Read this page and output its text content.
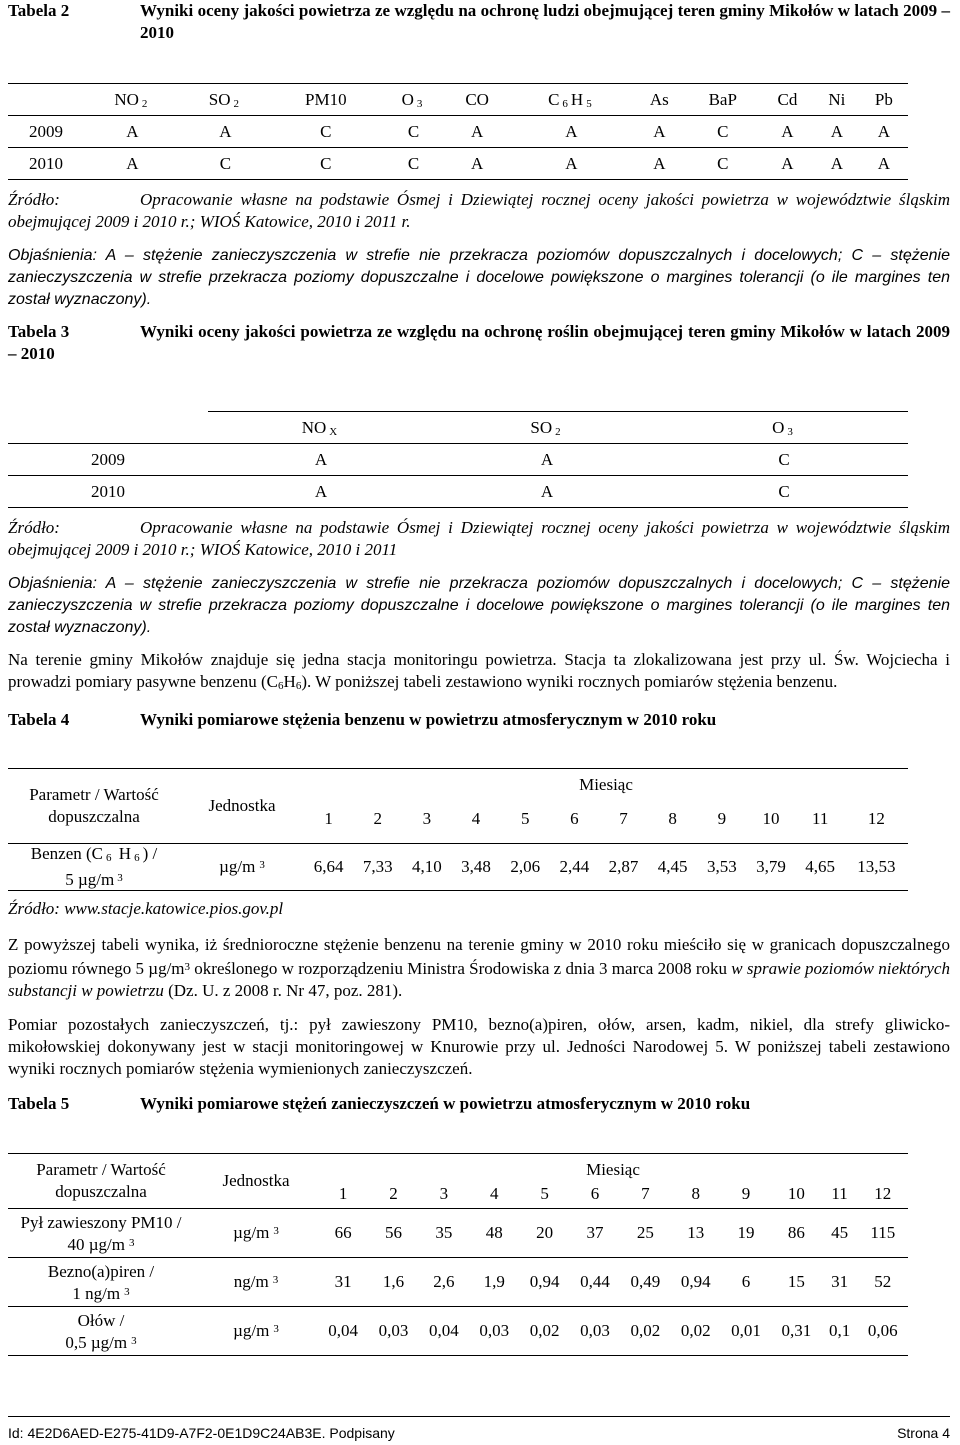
Tabela 2	Wyniki oceny jakości powietrza ze względu na ochronę ludzi obejmującej teren gminy Mikołów w latach 2009 – 2010
	NO $_2$	SO $_2$	PM10	O $_3$	CO	C $_6$ H $_5$	As	BaP	Cd	Ni	Pb
2009	A	A	C	C	A	A	A	C	A	A	A
2010	A	C	C	C	A	A	A	C	A	A	A
Źródło:	Opracowanie własne na podstawie Ósmej i Dziewiątej rocznej oceny jakości powietrza w województwie śląskim obejmującej 2009 i 2010 r.; WIOŚ Katowice, 2010 i 2011 r.

Objaśnienia: A – stężenie zanieczyszczenia w strefie nie przekracza poziomów dopuszczalnych i docelowych; C – stężenie zanieczyszczenia w strefie przekracza poziomy dopuszczalne i docelowe powiększone o margines tolerancji (o ile margines ten został wyznaczony).

Tabela 3	Wyniki oceny jakości powietrza ze względu na ochronę roślin obejmującej teren gminy Mikołów w latach 2009 – 2010

	NO $_X$	SO $_2$	O $_3$
2009	A	A	C
2010	A	A	C

Źródło:	Opracowanie własne na podstawie Ósmej i Dziewiątej rocznej oceny jakości powietrza w województwie śląskim obejmującej 2009 i 2010 r.; WIOŚ Katowice, 2010 i 2011

Objaśnienia: A – stężenie zanieczyszczenia w strefie nie przekracza poziomów dopuszczalnych i docelowych; C – stężenie zanieczyszczenia w strefie przekracza poziomy dopuszczalne i docelowe powiększone o margines tolerancji (o ile margines ten został wyznaczony).

Na terenie gminy Mikołów znajduje się jedna stacja monitoringu powietrza. Stacja ta zlokalizowana jest przy ul. Św. Wojciecha i prowadzi pomiary pasywne benzenu $(C_6H_6)$. W poniższej tabeli zestawiono wyniki rocznych pomiarów stężenia benzenu.

Tabela 4	Wyniki pomiarowe stężenia benzenu w powietrzu atmosferycznym w 2010 roku
Parametr / Wartość dopuszczalna	Jednostka	Miesiąc											
		1	2	3	4	5	6	7	8	9	10	11	12
Benzen (C $_6$ H $_6$ ) /
5 µg/m $^3$	µg/m $^3$	6,64	7,33	4,10	3,48	2,06	2,44	2,87	4,45	3,53	3,79	4,65	13,53

Źródło: www.stacje.katowice.pios.gov.pl

Z powyższej tabeli wynika, iż średnioroczne stężenie benzenu na terenie gminy w 2010 roku mieściło się w granicach dopuszczalnego poziomu równego 5 $\mu g/m^3$ określonego w rozporządzeniu Ministra Środowiska z dnia 3 marca 2008 roku w sprawie poziomów niektórych substancji w powietrzu (Dz. U. z 2008 r. Nr 47, poz. 281).

Pomiar pozostałych zanieczyszczeń, tj.: pył zawieszony PM10, bezno(a)piren, ołów, arsen, kadm, nikiel, dla strefy gliwicko-mikołowskiej dokonywany jest w stacji monitoringowej w Knurowie przy ul. Jedności Narodowej 5. W poniższej tabeli zestawiono wyniki rocznych pomiarów stężenia wymienionych zanieczyszczeń.

Tabela 5	Wyniki pomiarowe stężeń zanieczyszczeń w powietrzu atmosferycznym w 2010 roku
Parametr / Wartość dopuszczalna	Jednostka	Miesiąc											
		1	2	3	4	5	6	7	8	9	10	11	12
Pył zawieszony PM10 /
40 µg/m $^3$	µg/m $^3$	66	56	35	48	20	37	25	13	19	86	45	115
Bezno(a)piren /
1 ng/m $^3$	ng/m $^3$	31	1,6	2,6	1,9	0,94	0,44	0,49	0,94	6	15	31	52
Ołów /
0,5 µg/m $^3$	µg/m $^3$	0,04	0,03	0,04	0,03	0,02	0,03	0,02	0,02	0,01	0,31	0,1	0,06
Id: 4E2D6AED-E275-41D9-A7F2-0E1D9C24AB3E. Podpisany	Strona 4
